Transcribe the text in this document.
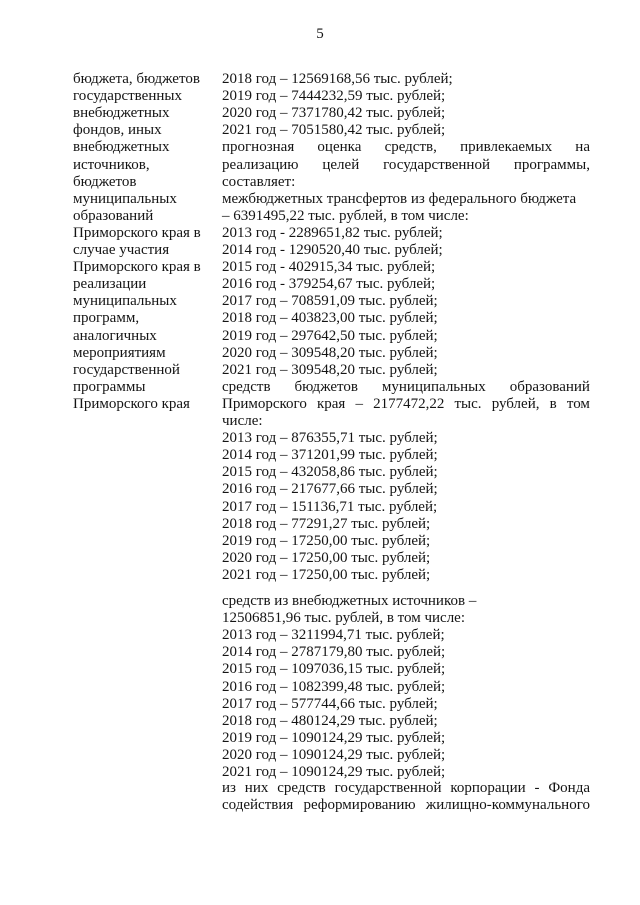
5
бюджета, бюджетов
государственных
внебюджетных
фондов, иных
внебюджетных
источников,
бюджетов
муниципальных
образований
Приморского края в
случае участия
Приморского края в
реализации
муниципальных
программ,
аналогичных
мероприятиям
государственной
программы
Приморского края
2018 год – 12569168,56 тыс. рублей;
2019 год – 7444232,59 тыс. рублей;
2020 год – 7371780,42 тыс. рублей;
2021 год – 7051580,42 тыс. рублей;
прогнозная оценка средств, привлекаемых на
реализацию целей государственной программы,
составляет:
межбюджетных трансфертов из федерального бюджета
– 6391495,22 тыс. рублей, в том числе:
2013 год - 2289651,82 тыс. рублей;
2014 год - 1290520,40 тыс. рублей;
2015 год - 402915,34 тыс. рублей;
2016 год - 379254,67 тыс. рублей;
2017 год – 708591,09 тыс. рублей;
2018 год – 403823,00 тыс. рублей;
2019 год – 297642,50 тыс. рублей;
2020 год – 309548,20 тыс. рублей;
2021 год – 309548,20 тыс. рублей;
средств бюджетов муниципальных образований
Приморского края – 2177472,22 тыс. рублей, в том
числе:
2013 год – 876355,71 тыс. рублей;
2014 год – 371201,99 тыс. рублей;
2015 год – 432058,86 тыс. рублей;
2016 год – 217677,66 тыс. рублей;
2017 год – 151136,71 тыс. рублей;
2018 год – 77291,27 тыс. рублей;
2019 год – 17250,00 тыс. рублей;
2020 год – 17250,00 тыс. рублей;
2021 год – 17250,00 тыс. рублей;
средств из внебюджетных источников –
12506851,96 тыс. рублей, в том числе:
2013 год – 3211994,71 тыс. рублей;
2014 год – 2787179,80 тыс. рублей;
2015 год – 1097036,15 тыс. рублей;
2016 год – 1082399,48 тыс. рублей;
2017 год – 577744,66 тыс. рублей;
2018 год – 480124,29 тыс. рублей;
2019 год – 1090124,29 тыс. рублей;
2020 год – 1090124,29 тыс. рублей;
2021 год – 1090124,29 тыс. рублей;
из них средств государственной корпорации - Фонда
содействия реформированию жилищно-коммунального
